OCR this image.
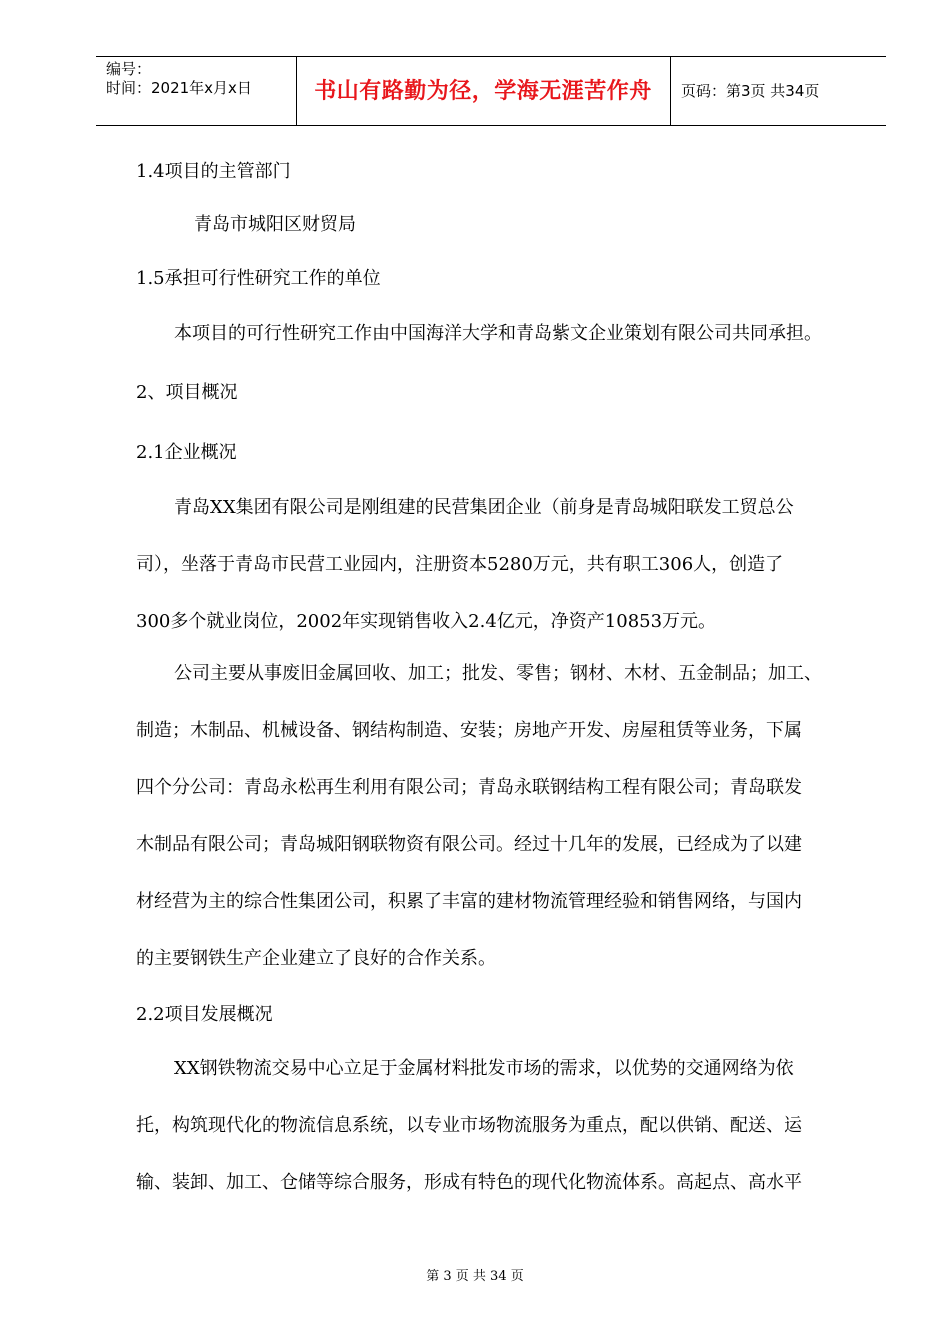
编号：
时间：2021年x月x日	书山有路勤为径，学海无涯苦作舟	页码：第3页 共34页
1.4项目的主管部门
青岛市城阳区财贸局
1.5承担可行性研究工作的单位
本项目的可行性研究工作由中国海洋大学和青岛紫文企业策划有限公司共同承担。
2、项目概况
2.1企业概况
青岛XX集团有限公司是刚组建的民营集团企业（前身是青岛城阳联发工贸总公
司），坐落于青岛市民营工业园内，注册资本5280万元，共有职工306人，创造了
300多个就业岗位，2002年实现销售收入2.4亿元，净资产10853万元。
公司主要从事废旧金属回收、加工；批发、零售；钢材、木材、五金制品；加工、
制造；木制品、机械设备、钢结构制造、安装；房地产开发、房屋租赁等业务，下属
四个分公司：青岛永松再生利用有限公司；青岛永联钢结构工程有限公司；青岛联发
木制品有限公司；青岛城阳钢联物资有限公司。经过十几年的发展，已经成为了以建
材经营为主的综合性集团公司，积累了丰富的建材物流管理经验和销售网络，与国内
的主要钢铁生产企业建立了良好的合作关系。
2.2项目发展概况
XX钢铁物流交易中心立足于金属材料批发市场的需求，以优势的交通网络为依
托，构筑现代化的物流信息系统，以专业市场物流服务为重点，配以供销、配送、运
输、装卸、加工、仓储等综合服务，形成有特色的现代化物流体系。高起点、高水平
第 3 页 共 34 页
